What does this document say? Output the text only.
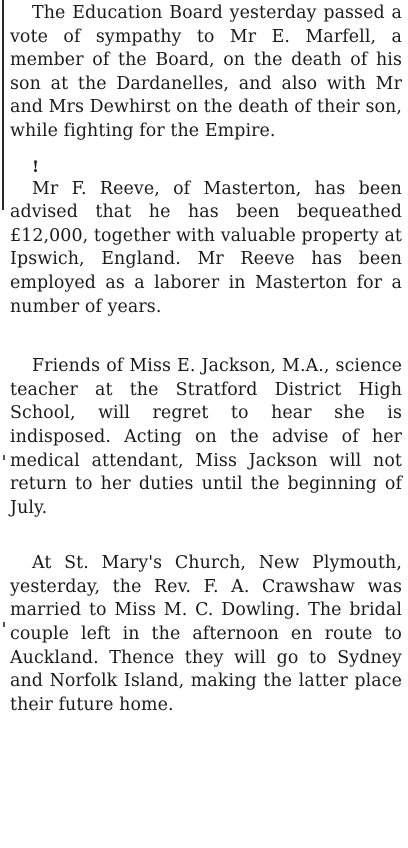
The Education Board yesterday passed a vote of sympathy to Mr E. Marfell, a member of the Board, on the death of his son at the Dardanelles, and also with Mr and Mrs Dewhirst on the death of their son, while fighting for the Empire.

!

Mr F. Reeve, of Masterton, has been advised that he has been bequeathed £12,000, together with valuable property at Ipswich, England. Mr Reeve has been employed as a laborer in Masterton for a number of years.

Friends of Miss E. Jackson, M.A., science teacher at the Stratford District High School, will regret to hear she is indisposed. Acting on the advise of her medical attendant, Miss Jackson will not return to her duties until the beginning of July.

At St. Mary's Church, New Plymouth, yesterday, the Rev. F. A. Crawshaw was married to Miss M. C. Dowling. The bridal couple left in the afternoon en route to Auckland. Thence they will go to Sydney and Norfolk Island, making the latter place their future home.
